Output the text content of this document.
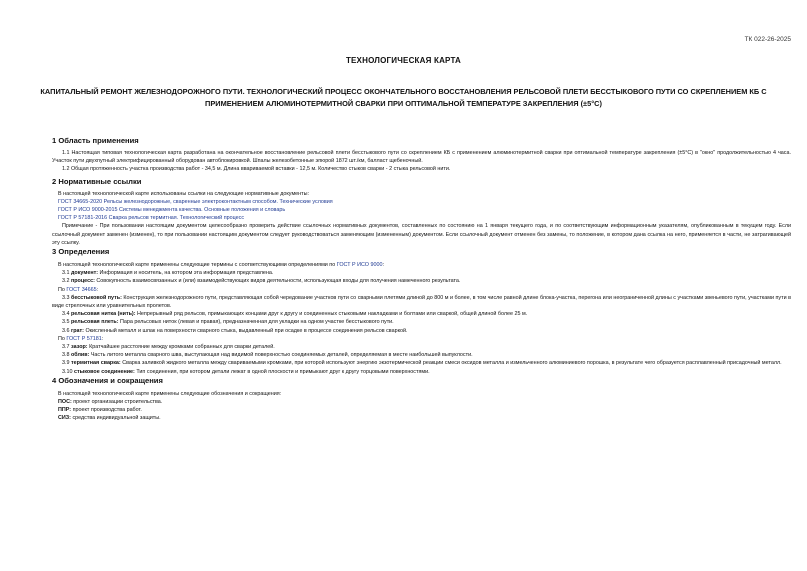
ТК 022-26-2025
ТЕХНОЛОГИЧЕСКАЯ КАРТА
КАПИТАЛЬНЫЙ РЕМОНТ ЖЕЛЕЗНОДОРОЖНОГО ПУТИ. ТЕХНОЛОГИЧЕСКИЙ ПРОЦЕСС ОКОНЧАТЕЛЬНОГО ВОССТАНОВЛЕНИЯ РЕЛЬСОВОЙ ПЛЕТИ БЕССТЫКОВОГО ПУТИ СО СКРЕПЛЕНИЕМ КБ С ПРИМЕНЕНИЕМ АЛЮМИНОТЕРМИТНОЙ СВАРКИ ПРИ ОПТИМАЛЬНОЙ ТЕМПЕРАТУРЕ ЗАКРЕПЛЕНИЯ (±5°С)
1 Область применения

1.1 Настоящая типовая технологическая карта разработана на окончательное восстановление рельсовой плети бесстыкового пути со скреплением КБ с применением алюминотермитной сварки при оптимальной температуре закрепления (±5°С) в "окно" продолжительностью 4 часа. Участок пути двухпутный электрифицированный оборудован автоблокировкой. Шпалы железобетонные эпюрой 1872 шт./км, балласт щебеночный.

1.2 Общая протяженность участка производства работ - 34,5 м. Длина ввариваемой вставки - 12,5 м. Количество стыков сварки - 2 стыка рельсовой нити.

2 Нормативные ссылки

В настоящей технологической карте использованы ссылки на следующие нормативные документы:

ГОСТ 34665-2020 Рельсы железнодорожные, сваренные электроконтактным способом. Технические условия

ГОСТ Р ИСО 9000-2015 Системы менеджмента качества. Основные положения и словарь

ГОСТ Р 57181-2016 Сварка рельсов термитная. Технологический процесс

Примечание - При пользовании настоящим документом целесообразно проверить действие ссылочных нормативных документов, составленных по состоянию на 1 января текущего года, и по соответствующим информационным указателям, опубликованным в текущем году. Если ссылочный документ заменен (изменен), то при пользовании настоящим документом следует руководствоваться заменяющим (измененным) документом. Если ссылочный документ отменен без замены, то положение, в котором дана ссылка на него, применяется в части, не затрагивающей эту ссылку.

3 Определения

В настоящей технологической карте применены следующие термины с соответствующими определениями по ГОСТ Р ИСО 9000:

3.1 документ: Информация и носитель, на котором эта информация представлена.

3.2 процесс: Совокупность взаимосвязанных и (или) взаимодействующих видов деятельности, использующая входы для получения намеченного результата.

По ГОСТ 34665:

3.3 бесстыковой путь: Конструкция железнодорожного пути, представляющая собой чередование участков пути со сварными плетями длиной до 800 м и более, в том числе равной длине блока-участка, перегона или неограниченной длины с участками звеньевого пути, участками пути в виде стрелочных или уравнительных пролетов.

3.4 рельсовая нитка (нить): Непрерывный ряд рельсов, примыкающих концами друг к другу и соединенных стыковыми накладками и болтами или сваркой, общей длиной более 25 м.

3.5 рельсовая плеть: Пара рельсовых ниток (левая и правая), предназначенная для укладки на одном участке бесстыкового пути.

3.6 грат: Окисленный металл и шлак на поверхности сварного стыка, выдавленный при осадке в процессе соединения рельсов сваркой.

По ГОСТ Р 57181:

3.7 зазор: Кратчайшее расстояние между кромками собранных для сварки деталей.

3.8 облив: Часть литого металла сварного шва, выступающая над видимой поверхностью соединяемых деталей, определяемая в месте наибольшей выпуклости.

3.9 термитная сварка: Сварка заливкой жидкого металла между свариваемыми кромками, при которой используют энергию экзотермической реакции смеси оксидов металла и измельченного алюминиевого порошка, в результате чего образуется расплавленный присадочный металл.

3.10 стыковое соединение: Тип соединения, при котором детали лежат в одной плоскости и примыкают друг к другу торцовыми поверхностями.

4 Обозначения и сокращения

В настоящей технологической карте применены следующие обозначения и сокращения:

ПОС: проект организации строительства.

ППР: проект производства работ.

СИЗ: средства индивидуальной защиты.
